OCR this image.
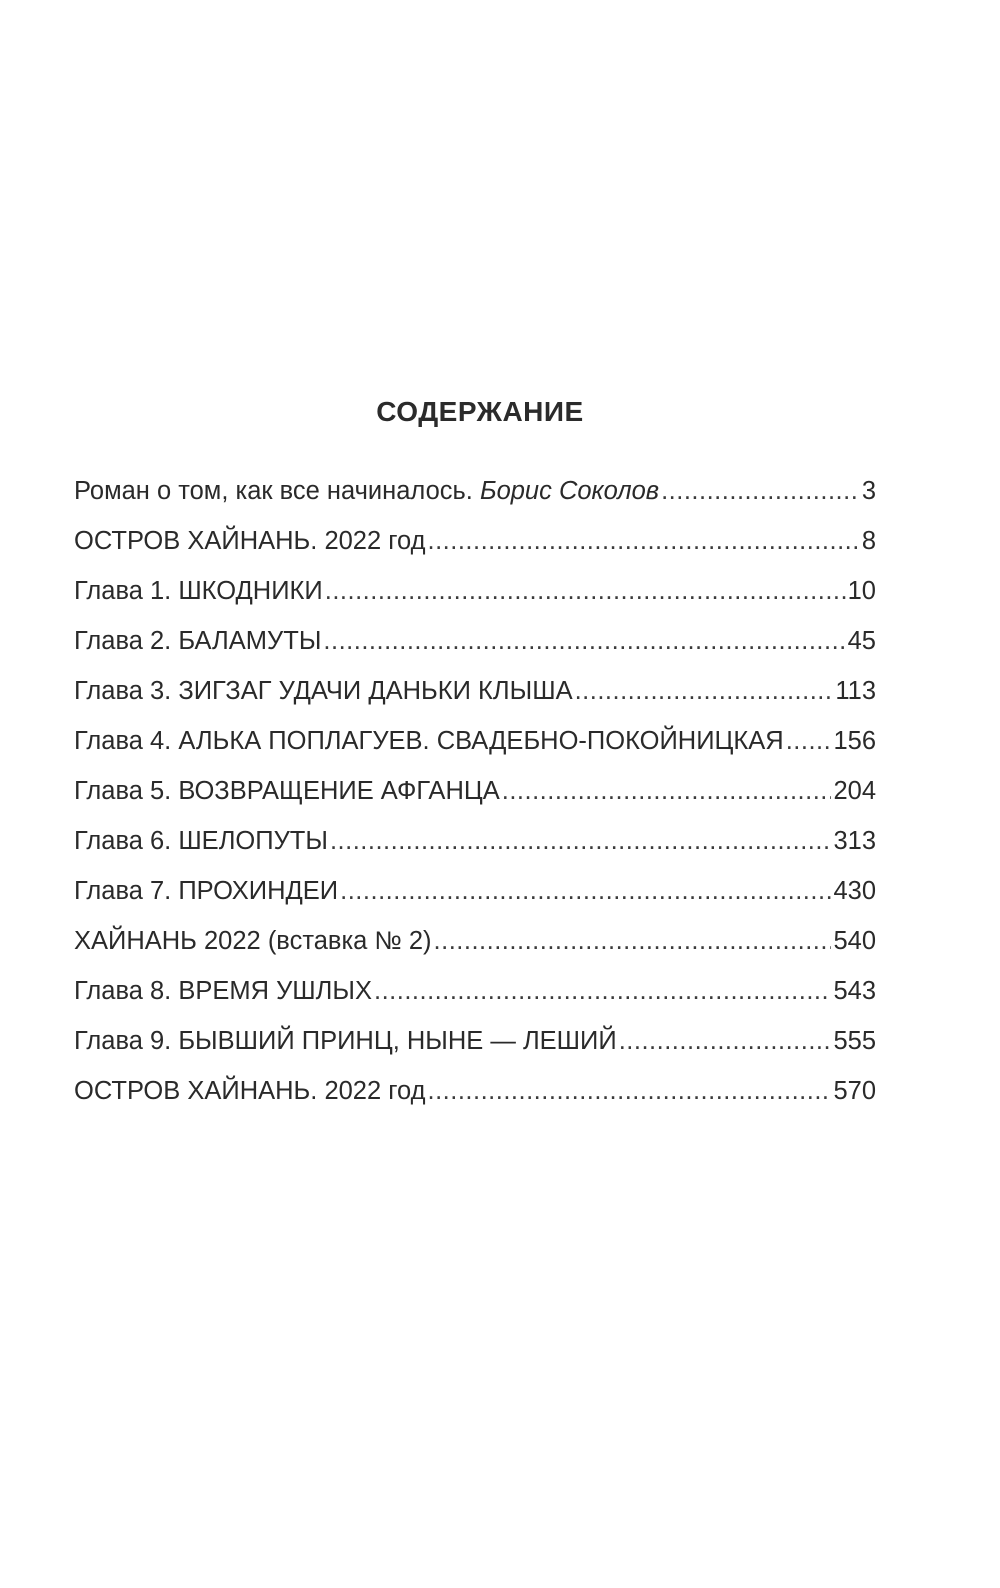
СОДЕРЖАНИЕ
Роман о том, как все начиналось. Борис Соколов .....	3
ОСТРОВ ХАЙНАНЬ. 2022 год .....	8
Глава 1. ШКОДНИКИ .....	10
Глава 2. БАЛАМУТЫ .....	45
Глава 3. ЗИГЗАГ УДАЧИ ДАНЬКИ КЛЫША .....	113
Глава 4. АЛЬКА ПОПЛАГУЕВ. СВАДЕБНО-ПОКОЙНИЦКАЯ ..... 156
Глава 5. ВОЗВРАЩЕНИЕ АФГАНЦА .....	204
Глава 6. ШЕЛОПУТЫ .....	313
Глава 7. ПРОХИНДЕИ .....	430
ХАЙНАНЬ 2022 (вставка № 2) .....	540
Глава 8. ВРЕМЯ УШЛЫХ .....	543
Глава 9. БЫВШИЙ ПРИНЦ, НЫНЕ — ЛЕШИЙ .....	555
ОСТРОВ ХАЙНАНЬ. 2022 год .....	570
